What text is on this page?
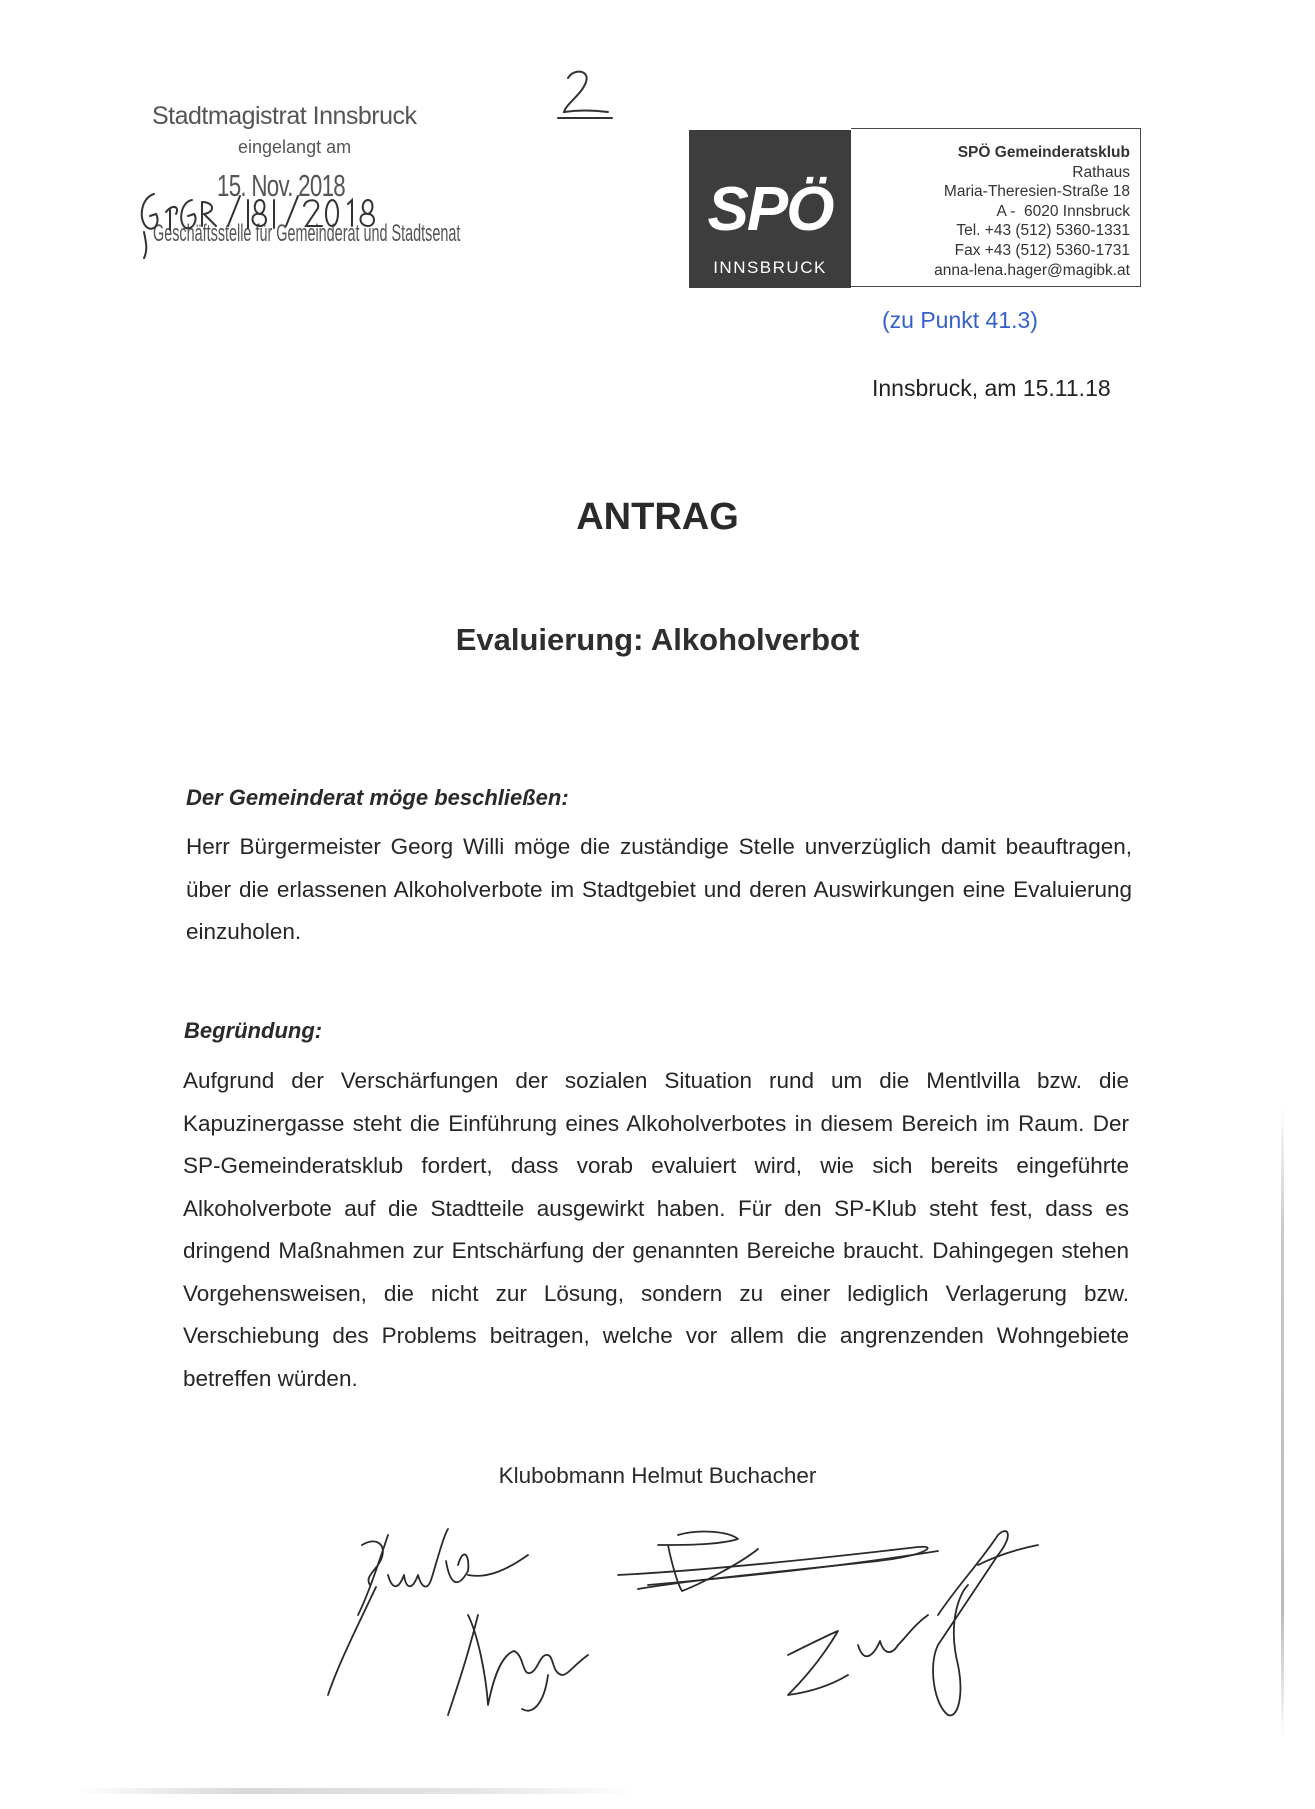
Stadtmagistrat Innsbruck
eingelangt am
15. Nov. 2018
Geschäftsstelle für Gemeinderat und Stadtsenat	SPÖ
INNSBRUCK
SPÖ Gemeinderatsklub
Rathaus
Maria-Theresien-Straße 18
A -  6020 Innsbruck
Tel. +43 (512) 5360-1331
Fax +43 (512) 5360-1731
anna-lena.hager@magibk.at
(zu Punkt 41.3)
Innsbruck, am 15.11.18
ANTRAG
Evaluierung: Alkoholverbot
Der Gemeinderat möge beschließen:
Herr Bürgermeister Georg Willi möge die zuständige Stelle unverzüglich damit beauftragen, über die erlassenen Alkoholverbote im Stadtgebiet und deren Auswirkungen eine Evaluierung einzuholen.
Begründung:
Aufgrund der Verschärfungen der sozialen Situation rund um die Mentlvilla bzw. die Kapuzinergasse steht die Einführung eines Alkoholverbotes in diesem Bereich im Raum. Der SP-Gemeinderatsklub fordert, dass vorab evaluiert wird, wie sich bereits eingeführte Alkoholverbote auf die Stadtteile ausgewirkt haben. Für den SP-Klub steht fest, dass es dringend Maßnahmen zur Entschärfung der genannten Bereiche braucht. Dahingegen stehen Vorgehensweisen, die nicht zur Lösung, sondern zu einer lediglich Verlagerung bzw. Verschiebung des Problems beitragen, welche vor allem die angrenzenden Wohngebiete betreffen würden.
Klubobmann Helmut Buchacher
